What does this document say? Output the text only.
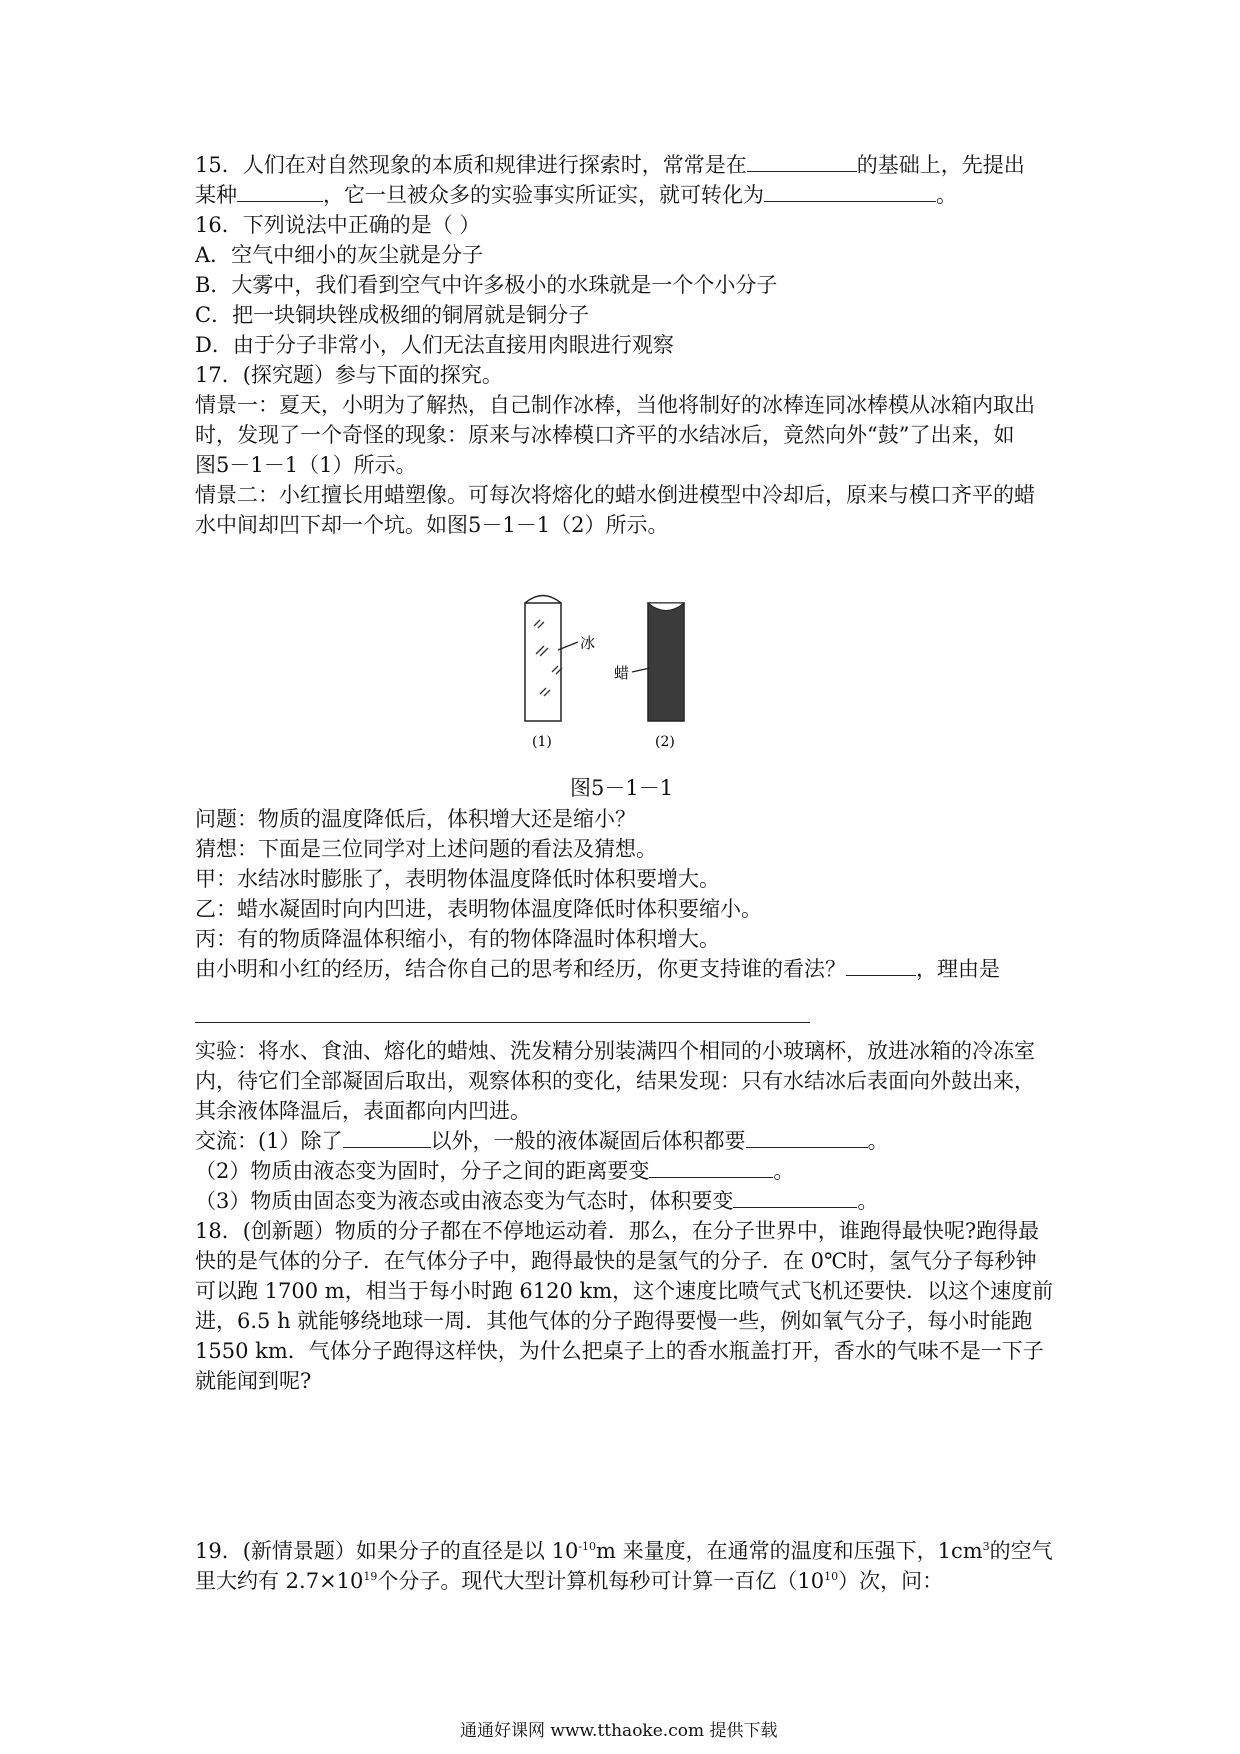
15．人们在对自然现象的本质和规律进行探索时，常常是在	的基础上，先提出
某种	，它一旦被众多的实验事实所证实，就可转化为	。
16．下列说法中正确的是（ ）
A．空气中细小的灰尘就是分子
B．大雾中，我们看到空气中许多极小的水珠就是一个个小分子
C．把一块铜块锉成极细的铜屑就是铜分子
D．由于分子非常小，人们无法直接用肉眼进行观察
17．(探究题）参与下面的探究。
情景一：夏天，小明为了解热，自己制作冰棒，当他将制好的冰棒连同冰棒模从冰箱内取出
时，发现了一个奇怪的现象：原来与冰棒模口齐平的水结冰后，竟然向外“鼓”了出来，如
图5－1－1（1）所示。
情景二：小红擅长用蜡塑像。可每次将熔化的蜡水倒进模型中冷却后，原来与模口齐平的蜡
水中间却凹下却一个坑。如图5－1－1（2）所示。
冰
蜡
(1)	(2)
图5－1－1
问题：物质的温度降低后，体积增大还是缩小？
猜想：下面是三位同学对上述问题的看法及猜想。
甲：水结冰时膨胀了，表明物体温度降低时体积要增大。
乙：蜡水凝固时向内凹进，表明物体温度降低时体积要缩小。
丙：有的物质降温体积缩小，有的物体降温时体积增大。
由小明和小红的经历，结合你自己的思考和经历，你更支持谁的看法？	，理由是
实验：将水、食油、熔化的蜡烛、洗发精分别装满四个相同的小玻璃杯，放进冰箱的冷冻室
内，待它们全部凝固后取出，观察体积的变化，结果发现：只有水结冰后表面向外鼓出来，
其余液体降温后，表面都向内凹进。
交流：(1）除了	以外，一般的液体凝固后体积都要	。
（2）物质由液态变为固时，分子之间的距离要变	。
（3）物质由固态变为液态或由液态变为气态时，体积要变	。
18．(创新题）物质的分子都在不停地运动着．那么，在分子世界中，谁跑得最快呢?跑得最
快的是气体的分子．在气体分子中，跑得最快的是氢气的分子．在 0℃时，氢气分子每秒钟
可以跑 1700 m，相当于每小时跑 6120 km，这个速度比喷气式飞机还要快．以这个速度前
进，6.5 h 就能够绕地球一周．其他气体的分子跑得要慢一些，例如氧气分子，每小时能跑
1550 km．气体分子跑得这样快，为什么把桌子上的香水瓶盖打开，香水的气味不是一下子
就能闻到呢?
19．(新情景题）如果分子的直径是以 $10^{-10}m$ 来量度，在通常的温度和压强下，$1cm^3$的空气
里大约有 $2.7\times 10^{19}$个分子。现代大型计算机每秒可计算一百亿$(10^{10})$次，问：
通通好课网 www.tthaoke.com 提供下载
